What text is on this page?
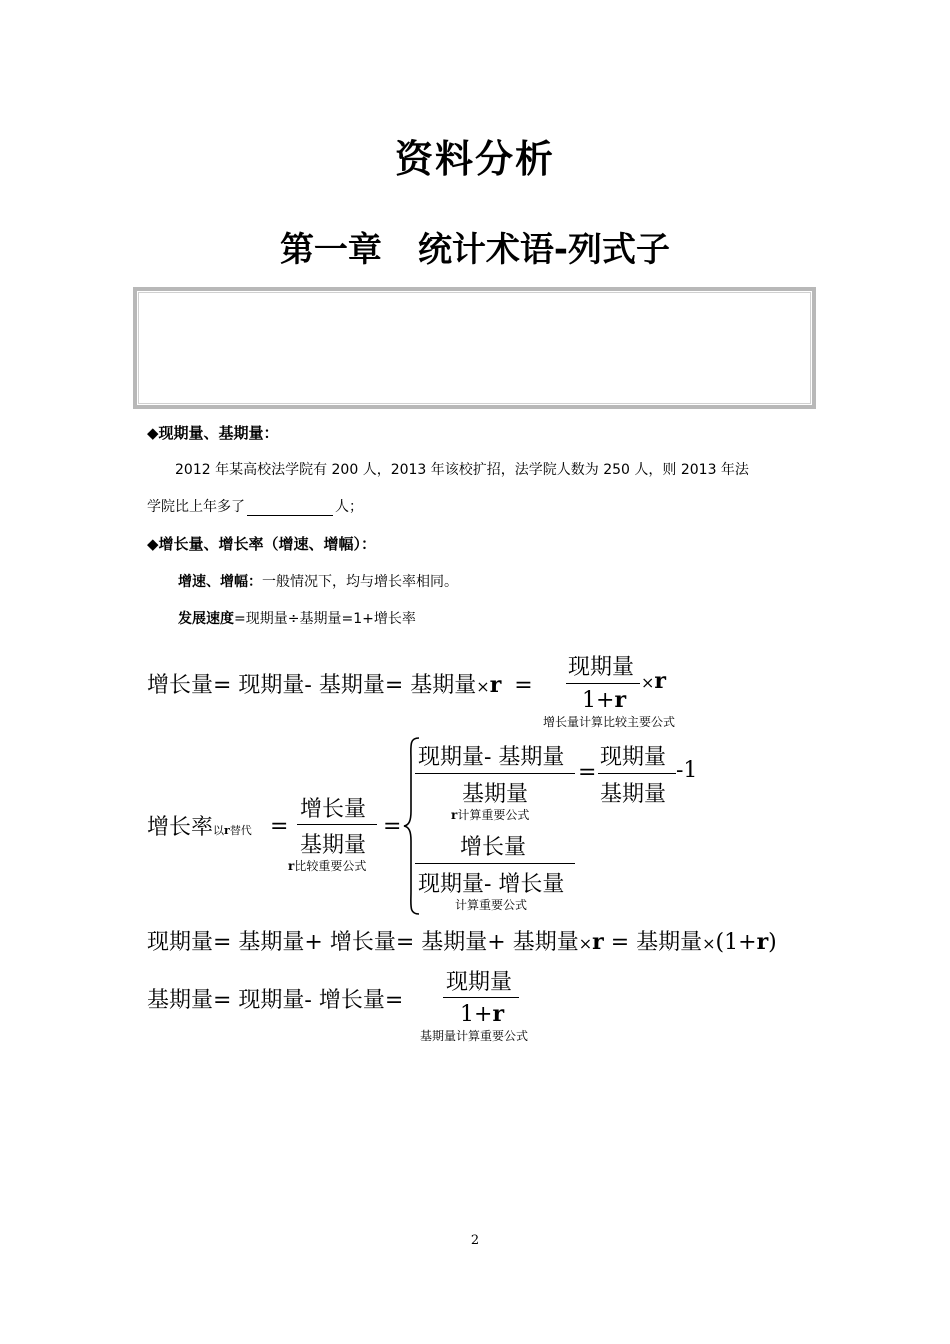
资料分析
第一章 统计术语-列式子
◆现期量、基期量：
2012 年某高校法学院有 200 人，2013 年该校扩招，法学院人数为 250 人，则 2013 年法
学院比上年多了	人；
◆增长量、增长率（增速、增幅）：
增速、增幅：一般情况下，均与增长率相同。
发展速度=现期量÷基期量=1+增长率
增长量= 现期量- 基期量= 基期量×r =
现期量
1+r
×r
增长量计算比较主要公式
增长率以r替代 =
增长量
基期量
r比较重要公式
=
现期量- 基期量
基期量
r计算重要公式
=
现期量
基期量
-1
增长量
现期量- 增长量
计算重要公式
现期量= 基期量+ 增长量= 基期量+ 基期量×r = 基期量×(1+r)
基期量= 现期量- 增长量=
现期量
1+r
基期量计算重要公式
2
